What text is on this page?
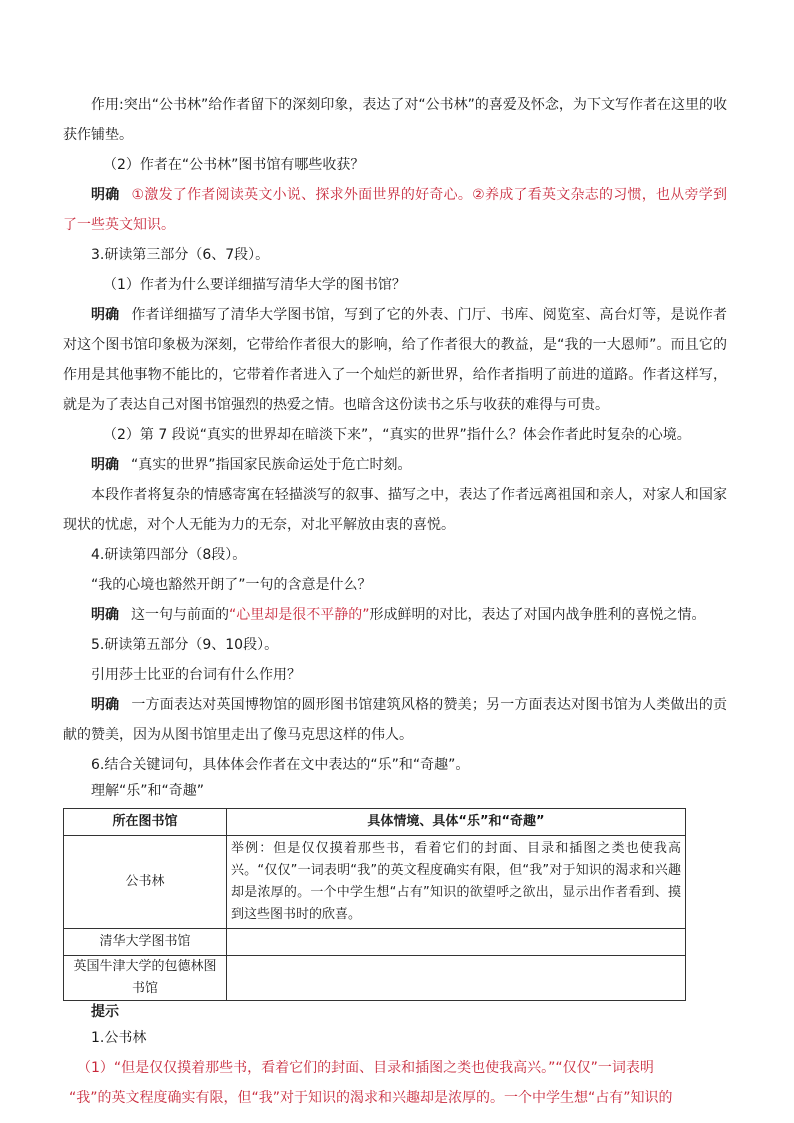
作用:突出“公书林”给作者留下的深刻印象，表达了对“公书林”的喜爱及怀念，为下文写作者在这里的收获作铺垫。

（2）作者在“公书林”图书馆有哪些收获？

明确 ①激发了作者阅读英文小说、探求外面世界的好奇心。②养成了看英文杂志的习惯，也从旁学到了一些英文知识。

3.研读第三部分（6、7段）。

（1）作者为什么要详细描写清华大学的图书馆？

明确 作者详细描写了清华大学图书馆，写到了它的外表、门厅、书库、阅览室、高台灯等，是说作者对这个图书馆印象极为深刻，它带给作者很大的影响，给了作者很大的教益，是“我的一大恩师”。而且它的作用是其他事物不能比的，它带着作者进入了一个灿烂的新世界，给作者指明了前进的道路。作者这样写，就是为了表达自己对图书馆强烈的热爱之情。也暗含这份读书之乐与收获的难得与可贵。

（2）第 7 段说“真实的世界却在暗淡下来”，“真实的世界”指什么？体会作者此时复杂的心境。

明确 “真实的世界”指国家民族命运处于危亡时刻。

本段作者将复杂的情感寄寓在轻描淡写的叙事、描写之中，表达了作者远离祖国和亲人，对家人和国家现状的忧虑，对个人无能为力的无奈，对北平解放由衷的喜悦。

4.研读第四部分（8段）。

“我的心境也豁然开朗了”一句的含意是什么？

明确 这一句与前面的“心里却是很不平静的”形成鲜明的对比，表达了对国内战争胜利的喜悦之情。

5.研读第五部分（9、10段）。

引用莎士比亚的台词有什么作用？

明确 一方面表达对英国博物馆的圆形图书馆建筑风格的赞美；另一方面表达对图书馆为人类做出的贡献的赞美，因为从图书馆里走出了像马克思这样的伟人。

6.结合关键词句，具体体会作者在文中表达的“乐”和“奇趣”。

理解“乐”和“奇趣”

所在图书馆	具体情境、具体“乐”和“奇趣”
公书林	举例：但是仅仅摸着那些书，看着它们的封面、目录和插图之类也使我高兴。“仅仅”一词表明“我”的英文程度确实有限，但“我”对于知识的渴求和兴趣却是浓厚的。一个中学生想“占有”知识的欲望呼之欲出，显示出作者看到、摸到这些图书时的欣喜。
清华大学图书馆	
英国牛津大学的包德林图书馆	

提示

1.公书林

（1）“但是仅仅摸着那些书，看着它们的封面、目录和插图之类也使我高兴。”“仅仅”一词表明

“我”的英文程度确实有限，但“我”对于知识的渴求和兴趣却是浓厚的。一个中学生想“占有”知识的
